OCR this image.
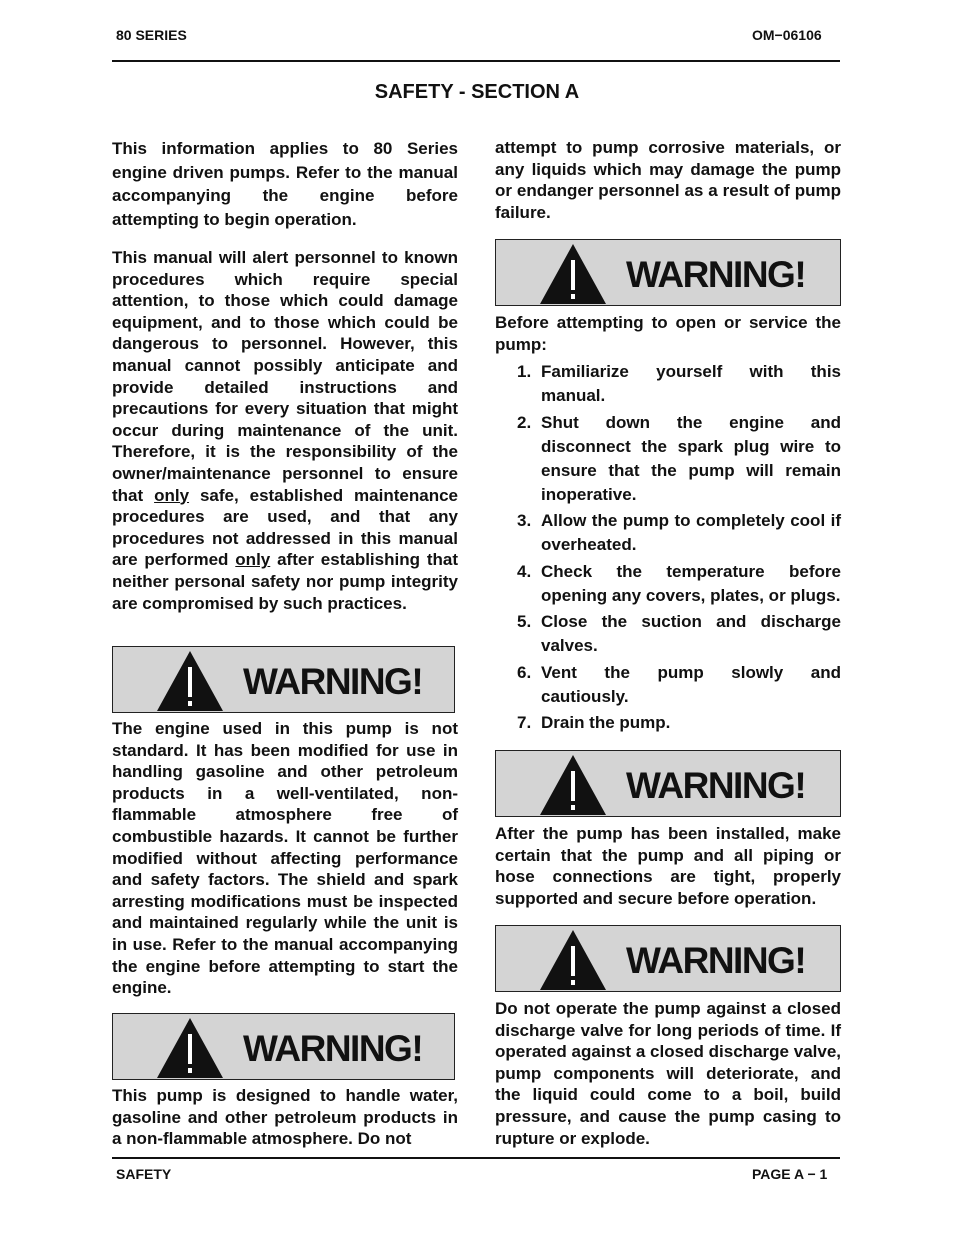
80 SERIES	OM−06106
SAFETY - SECTION A

This information applies to 80 Series engine driven pumps. Refer to the manual accompanying the engine before attempting to begin operation.

This manual will alert personnel to known procedures which require special attention, to those which could damage equipment, and to those which could be dangerous to personnel. However, this manual cannot possibly anticipate and provide detailed instructions and precautions for every situation that might occur during maintenance of the unit. Therefore, it is the responsibility of the owner/maintenance personnel to ensure that only safe, established maintenance procedures are used, and that any procedures not addressed in this manual are performed only after establishing that neither personal safety nor pump integrity are compromised by such practices.

WARNING!

The engine used in this pump is not standard. It has been modified for use in handling gasoline and other petroleum products in a well-ventilated, non-flammable atmosphere free of combustible hazards. It cannot be further modified without affecting performance and safety factors. The shield and spark arresting modifications must be inspected and maintained regularly while the unit is in use. Refer to the manual accompanying the engine before attempting to start the engine.

WARNING!

This pump is designed to handle water, gasoline and other petroleum products in a non-flammable atmosphere. Do not

attempt to pump corrosive materials, or any liquids which may damage the pump or endanger personnel as a result of pump failure.

WARNING!

Before attempting to open or service the pump:

1. Familiarize yourself with this manual.
2. Shut down the engine and disconnect the spark plug wire to ensure that the pump will remain inoperative.
3. Allow the pump to completely cool if overheated.
4. Check the temperature before opening any covers, plates, or plugs.
5. Close the suction and discharge valves.
6. Vent the pump slowly and cautiously.
7. Drain the pump.
WARNING!

After the pump has been installed, make certain that the pump and all piping or hose connections are tight, properly supported and secure before operation.

WARNING!

Do not operate the pump against a closed discharge valve for long periods of time. If operated against a closed discharge valve, pump components will deteriorate, and the liquid could come to a boil, build pressure, and cause the pump casing to rupture or explode.

SAFETY	PAGE A − 1
